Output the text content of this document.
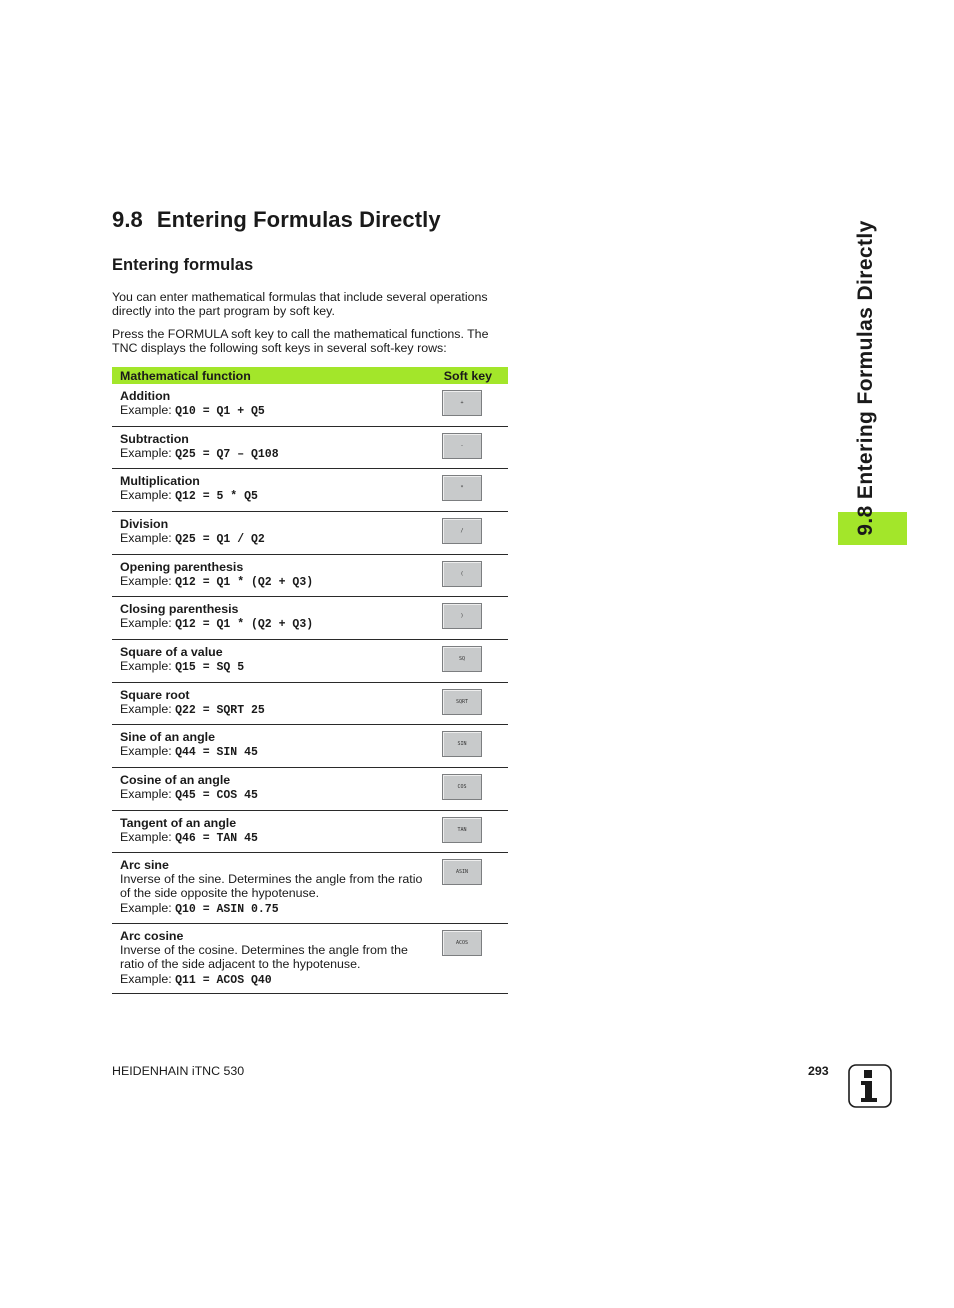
9.8 Entering Formulas Directly
Entering formulas

You can enter mathematical formulas that include several operations directly into the part program by soft key.

Press the FORMULA soft key to call the mathematical functions. The TNC displays the following soft keys in several soft-key rows:

Mathematical function	Soft key
Addition
Example: Q10 = Q1 + Q5
+
Subtraction
Example: Q25 = Q7 – Q108
-
Multiplication
Example: Q12 = 5 * Q5
*
Division
Example: Q25 = Q1 / Q2
/
Opening parenthesis
Example: Q12 = Q1 * (Q2 + Q3)
(
Closing parenthesis
Example: Q12 = Q1 * (Q2 + Q3)
)
Square of a value
Example: Q15 = SQ 5
SQ
Square root
Example: Q22 = SQRT 25
SQRT
Sine of an angle
Example: Q44 = SIN 45
SIN
Cosine of an angle
Example: Q45 = COS 45
COS
Tangent of an angle
Example: Q46 = TAN 45
TAN
Arc sine
Inverse of the sine. Determines the angle from the ratio of the side opposite the hypotenuse.
Example: Q10 = ASIN 0.75
ASIN
Arc cosine
Inverse of the cosine. Determines the angle from the ratio of the side adjacent to the hypotenuse.
Example: Q11 = ACOS Q40
ACOS
9.8 Entering Formulas Directly
HEIDENHAIN iTNC 530	293
